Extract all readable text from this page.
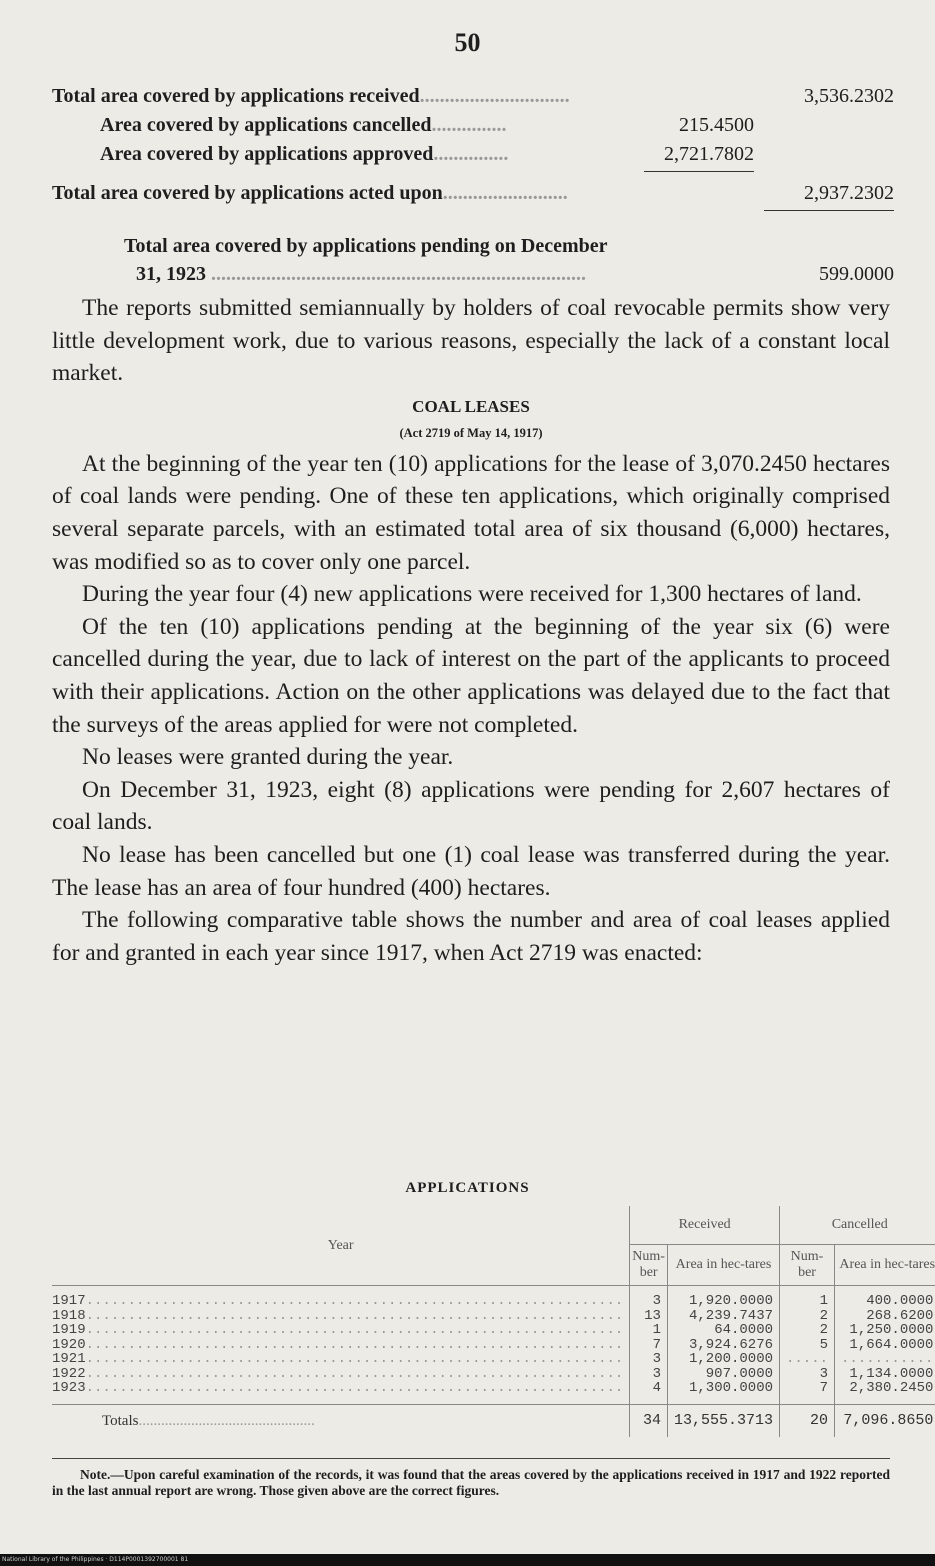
50
Total area covered by applications received..............................	3,536.2302
Area covered by applications cancelled...............	215.4500
Area covered by applications approved...............	2,721.7802
Total area covered by applications acted upon.........................	2,937.2302
Total area covered by applications pending on December
31, 1923 ...........................................................................	599.0000

The reports submitted semiannually by holders of coal revocable permits show very little development work, due to various reasons, especially the lack of a constant local market.

COAL LEASES
(Act 2719 of May 14, 1917)

At the beginning of the year ten (10) applications for the lease of 3,070.2450 hectares of coal lands were pending. One of these ten applications, which originally comprised several separate parcels, with an estimated total area of six thousand (6,000) hectares, was modified so as to cover only one parcel.

During the year four (4) new applications were received for 1,300 hectares of land.

Of the ten (10) applications pending at the beginning of the year six (6) were cancelled during the year, due to lack of interest on the part of the applicants to proceed with their applications. Action on the other applications was delayed due to the fact that the surveys of the areas applied for were not completed.

No leases were granted during the year.

On December 31, 1923, eight (8) applications were pending for 2,607 hectares of coal lands.

No lease has been cancelled but one (1) coal lease was transferred during the year. The lease has an area of four hundred (400) hectares.

The following comparative table shows the number and area of coal leases applied for and granted in each year since 1917, when Act 2719 was enacted:

APPLICATIONS
Year	Received		Cancelled	
	Num-ber	Area in hec-tares	Num-ber	Area in hec-tares
1917................................................................	3	1,920.0000	1	400.0000
1918................................................................	13	4,239.7437	2	268.6200
1919................................................................	1	64.0000	2	1,250.0000
1920................................................................	7	3,924.6276	5	1,664.0000
1921................................................................	3	1,200.0000	.....	...........
1922................................................................	3	907.0000	3	1,134.0000
1923................................................................	4	1,300.0000	7	2,380.2450
Totals...............................................	34	13,555.3713	20	7,096.8650
Note.—Upon careful examination of the records, it was found that the areas covered by the applications received in 1917 and 1922 reported in the last annual report are wrong. Those given above are the correct figures.
National Library of the Philippines · D114P0001392700001 81
